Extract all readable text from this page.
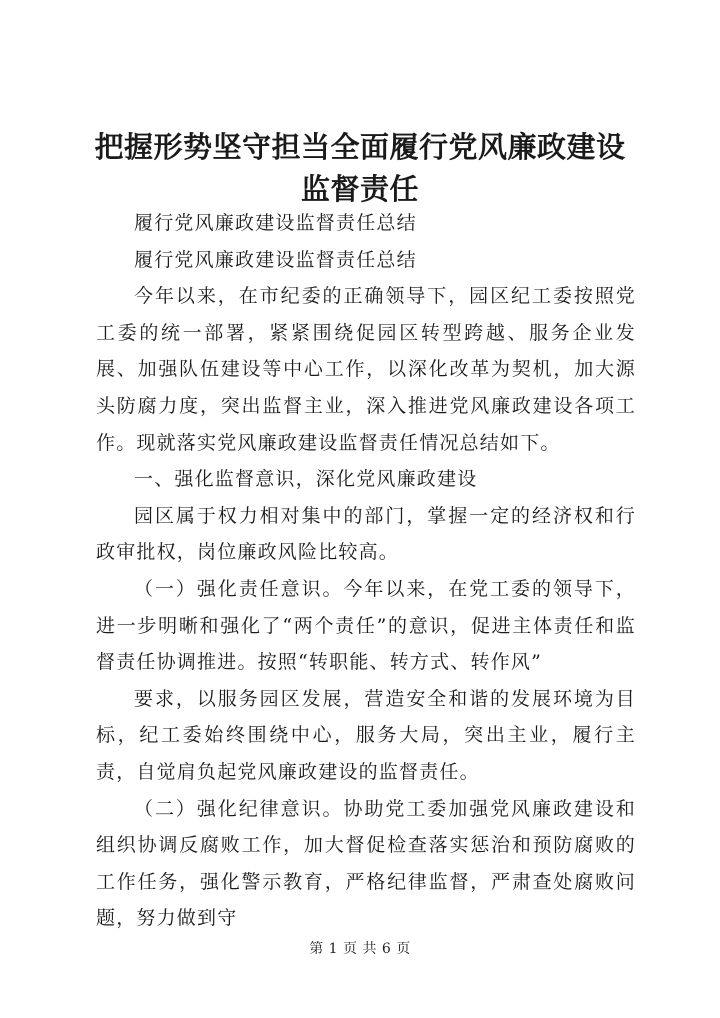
把握形势坚守担当全面履行党风廉政建设监督责任

履行党风廉政建设监督责任总结

履行党风廉政建设监督责任总结

今年以来，在市纪委的正确领导下，园区纪工委按照党工委的统一部署，紧紧围绕促园区转型跨越、服务企业发展、加强队伍建设等中心工作，以深化改革为契机，加大源头防腐力度，突出监督主业，深入推进党风廉政建设各项工作。现就落实党风廉政建设监督责任情况总结如下。

一、强化监督意识，深化党风廉政建设

园区属于权力相对集中的部门，掌握一定的经济权和行政审批权，岗位廉政风险比较高。

（一）强化责任意识。今年以来，在党工委的领导下，进一步明晰和强化了“两个责任”的意识，促进主体责任和监督责任协调推进。按照“转职能、转方式、转作风”

要求，以服务园区发展，营造安全和谐的发展环境为目标，纪工委始终围绕中心，服务大局，突出主业，履行主责，自觉肩负起党风廉政建设的监督责任。

（二）强化纪律意识。协助党工委加强党风廉政建设和组织协调反腐败工作，加大督促检查落实惩治和预防腐败的工作任务，强化警示教育，严格纪律监督，严肃查处腐败问题，努力做到守

第 1 页 共 6 页
